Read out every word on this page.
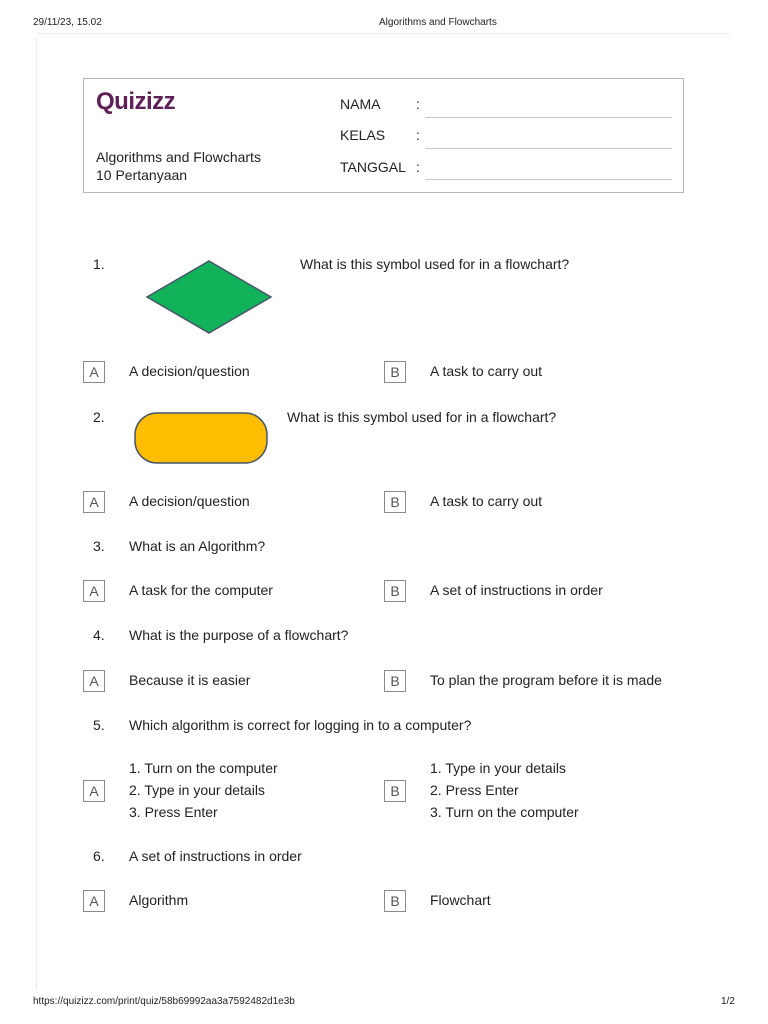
29/11/23, 15.02	Algorithms and Flowcharts
Quizizz
Algorithms and Flowcharts
10 Pertanyaan
NAMA	:
KELAS :
TANGGAL :
1.	What is this symbol used for in a flowchart?
A	A decision/question	B	A task to carry out
2.	What is this symbol used for in a flowchart?
A	A decision/question	B	A task to carry out
3. What is an Algorithm?
A	A task for the computer	B	A set of instructions in order
4. What is the purpose of a flowchart?
A	Because it is easier	B	To plan the program before it is made
5. Which algorithm is correct for logging in to a computer?
A
1. Turn on the computer
2. Type in your details
3. Press Enter
B
1. Type in your details
2. Press Enter
3. Turn on the computer
6. A set of instructions in order
A	Algorithm	B	Flowchart
https://quizizz.com/print/quiz/58b69992aa3a7592482d1e3b	1/2
